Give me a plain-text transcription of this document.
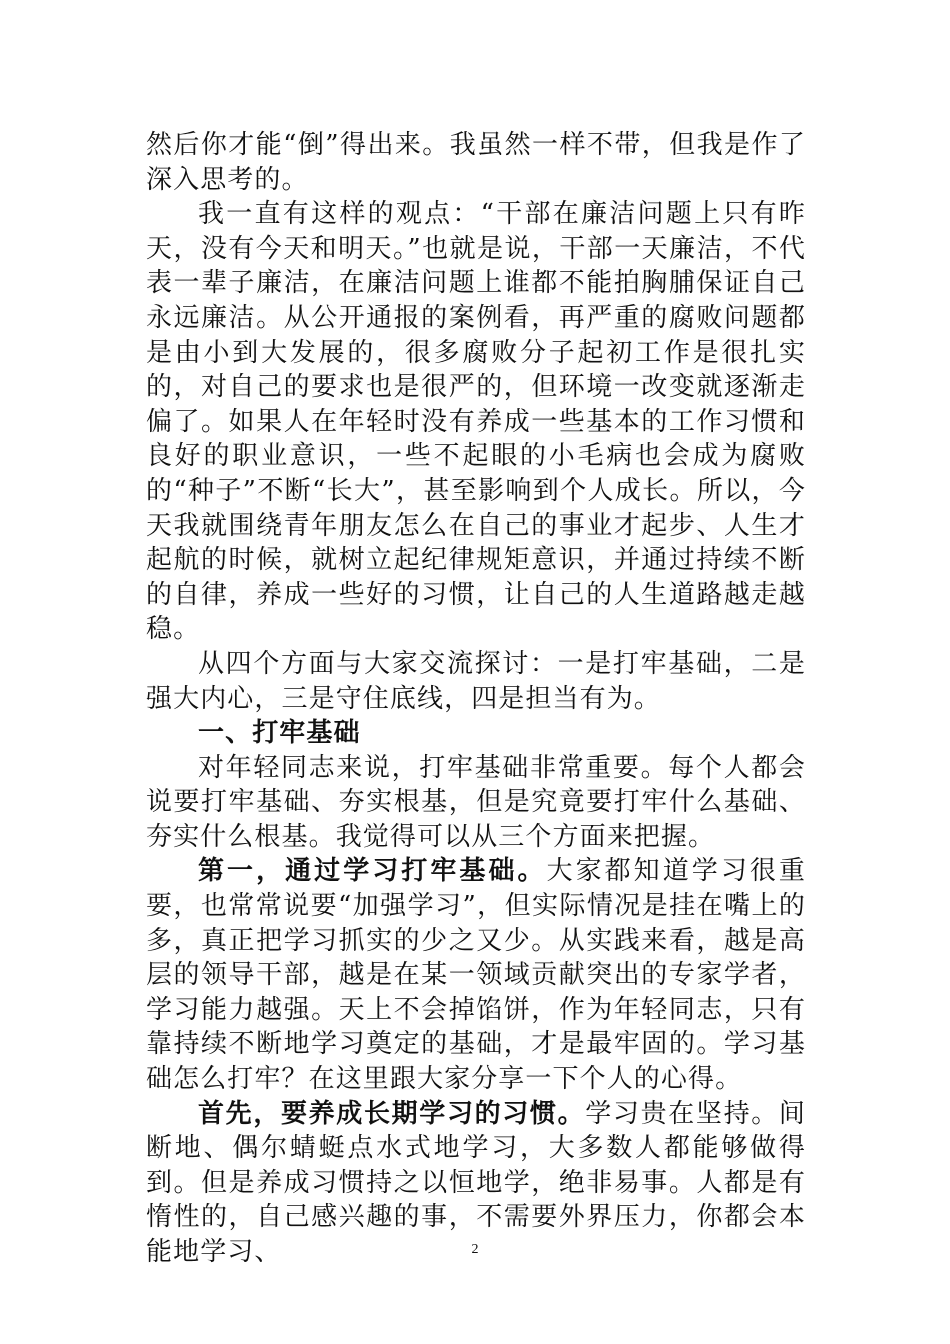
然后你才能“倒”得出来。我虽然一样不带，但我是作了深入思考的。

我一直有这样的观点：“干部在廉洁问题上只有昨天，没有今天和明天。”也就是说，干部一天廉洁，不代表一辈子廉洁，在廉洁问题上谁都不能拍胸脯保证自己永远廉洁。从公开通报的案例看，再严重的腐败问题都是由小到大发展的，很多腐败分子起初工作是很扎实的，对自己的要求也是很严的，但环境一改变就逐渐走偏了。如果人在年轻时没有养成一些基本的工作习惯和良好的职业意识，一些不起眼的小毛病也会成为腐败的“种子”不断“长大”，甚至影响到个人成长。所以，今天我就围绕青年朋友怎么在自己的事业才起步、人生才起航的时候，就树立起纪律规矩意识，并通过持续不断的自律，养成一些好的习惯，让自己的人生道路越走越稳。

从四个方面与大家交流探讨：一是打牢基础，二是强大内心，三是守住底线，四是担当有为。

一、打牢基础

对年轻同志来说，打牢基础非常重要。每个人都会说要打牢基础、夯实根基，但是究竟要打牢什么基础、夯实什么根基。我觉得可以从三个方面来把握。

第一，通过学习打牢基础。大家都知道学习很重要，也常常说要“加强学习”，但实际情况是挂在嘴上的多，真正把学习抓实的少之又少。从实践来看，越是高层的领导干部，越是在某一领域贡献突出的专家学者，学习能力越强。天上不会掉馅饼，作为年轻同志，只有靠持续不断地学习奠定的基础，才是最牢固的。学习基础怎么打牢？在这里跟大家分享一下个人的心得。

首先，要养成长期学习的习惯。学习贵在坚持。间断地、偶尔蜻蜓点水式地学习，大多数人都能够做得到。但是养成习惯持之以恒地学，绝非易事。人都是有惰性的，自己感兴趣的事，不需要外界压力，你都会本能地学习、	2
